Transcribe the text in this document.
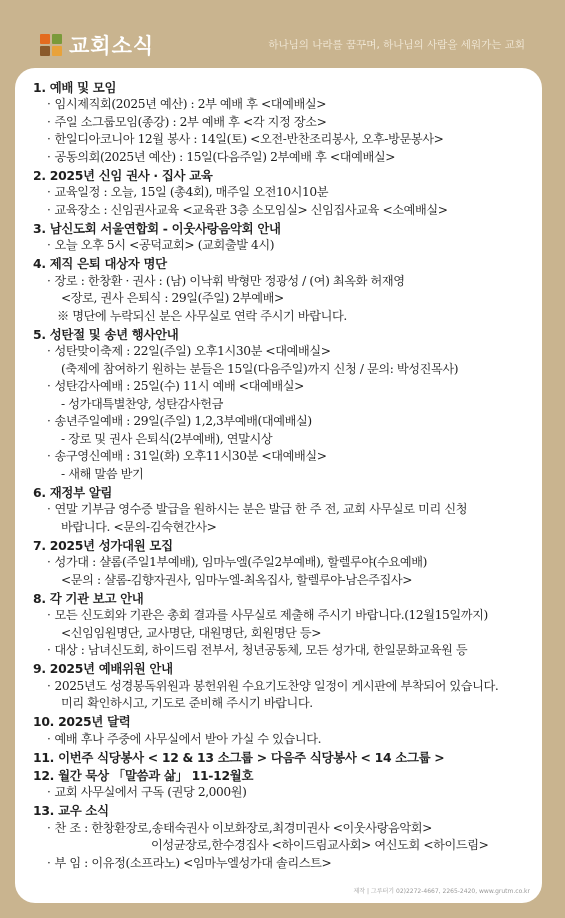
교회소식	하나님의 나라를 꿈꾸며, 하나님의 사람을 세워가는 교회
1. 예배 및 모임
· 임시제직회(2025년 예산) : 2부 예배 후 <대예배실>
· 주일 소그룹모임(종강) : 2부 예배 후 <각 지정 장소>
· 한일디아코니아 12월 봉사 : 14일(토) <오전-반찬조리봉사, 오후-방문봉사>
· 공동의회(2025년 예산) : 15일(다음주일) 2부예배 후 <대예배실>
2. 2025년 신임 권사 · 집사 교육
· 교육일정 : 오늘, 15일 (총4회), 매주일 오전10시10분
· 교육장소 : 신임권사교육 <교육관 3층 소모임실> 신임집사교육 <소예배실>
3. 남신도회 서울연합회 - 이웃사랑음악회 안내
· 오늘 오후 5시 <공덕교회> (교회출발 4시)
4. 제직 은퇴 대상자 명단
· 장로 : 한창환 · 권사 : (남) 이낙휘 박형만 정광성 / (여) 최옥화 허재영
<장로, 권사 은퇴식 : 29일(주일) 2부예배>
※ 명단에 누락되신 분은 사무실로 연락 주시기 바랍니다.
5. 성탄절 및 송년 행사안내
· 성탄맞이축제 : 22일(주일) 오후1시30분 <대예배실>
(축제에 참여하기 원하는 분들은 15일(다음주일)까지 신청 / 문의: 박성진목사)
· 성탄감사예배 : 25일(수) 11시 예배 <대예배실>
- 성가대특별찬양, 성탄감사헌금
· 송년주일예배 : 29일(주일) 1,2,3부예배(대예배실)
- 장로 및 권사 은퇴식(2부예배), 연말시상
· 송구영신예배 : 31일(화) 오후11시30분 <대예배실>
- 새해 말씀 받기
6. 재정부 알림
· 연말 기부금 영수증 발급을 원하시는 분은 발급 한 주 전, 교회 사무실로 미리 신청
바랍니다. <문의-김숙현간사>
7. 2025년 성가대원 모집
· 성가대 : 샬롬(주일1부예배), 임마누엘(주일2부예배), 할렐루야(수요예배)
<문의 : 샬롬-김향자권사, 임마누엘-최옥집사, 할렐루야-남은주집사>
8. 각 기관 보고 안내
· 모든 신도회와 기관은 총회 결과를 사무실로 제출해 주시기 바랍니다.(12월15일까지)
<신임임원명단, 교사명단, 대원명단, 회원명단 등>
· 대상 : 남녀신도회, 하이드림 전부서, 청년공동체, 모든 성가대, 한일문화교육원 등
9. 2025년 예배위원 안내
· 2025년도 성경봉독위원과 봉헌위원 수요기도찬양 일정이 게시판에 부착되어 있습니다.
미리 확인하시고, 기도로 준비해 주시기 바랍니다.
10. 2025년 달력
· 예배 후나 주중에 사무실에서 받아 가실 수 있습니다.
11. 이번주 식당봉사 < 12 & 13 소그룹 > 다음주 식당봉사 < 14 소그룹 >
12. 월간 묵상 「말씀과 삶」 11-12월호
· 교회 사무실에서 구독 (권당 2,000원)
13. 교우 소식
· 찬 조 : 한창환장로,송태숙권사 이보화장로,최경미권사 <이웃사랑음악회>
이성균장로,한수경집사 <하이드림교사회> 여신도회 <하이드림>
· 부 임 : 이유정(소프라노) <임마누엘성가대 솔리스트>
제작 | 그루터기 02)2272-4667, 2265-2420, www.grutm.co.kr
